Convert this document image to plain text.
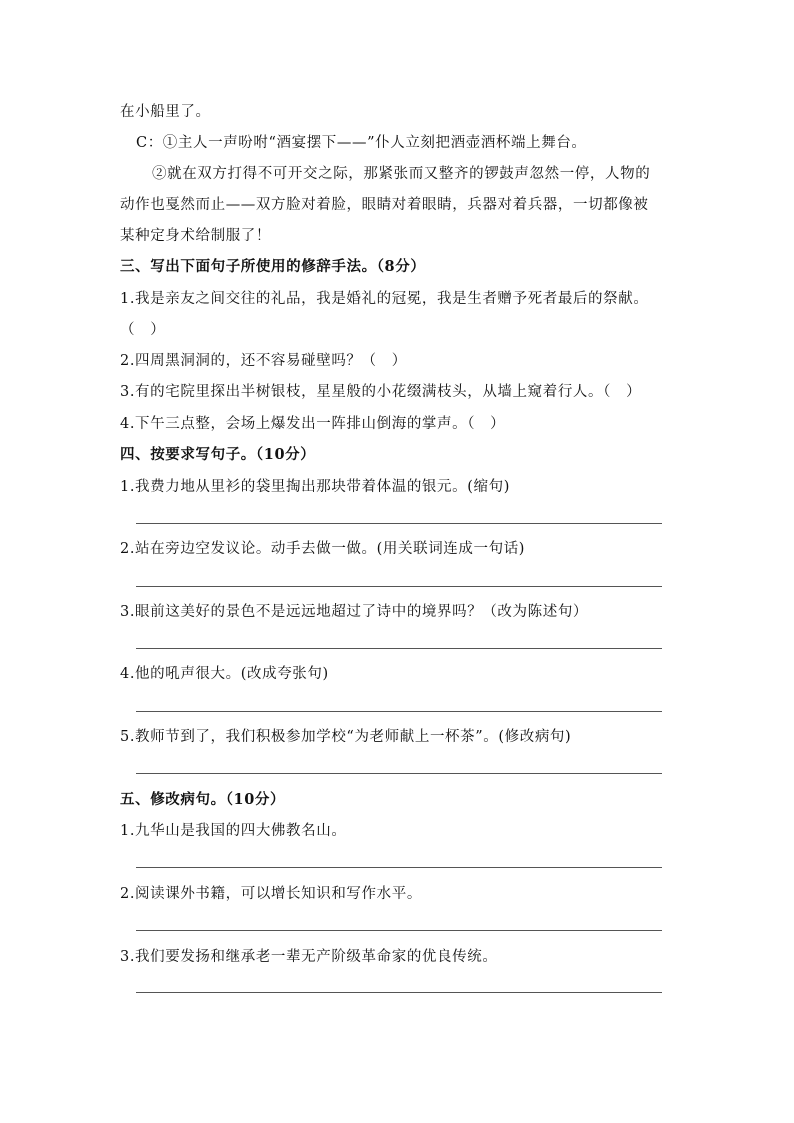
在小船里了。
C：①主人一声吩咐“酒宴摆下——”仆人立刻把酒壶酒杯端上舞台。
②就在双方打得不可开交之际，那紧张而又整齐的锣鼓声忽然一停，人物的
动作也戛然而止——双方脸对着脸，眼睛对着眼睛，兵器对着兵器，一切都像被
某种定身术给制服了！
三、写出下面句子所使用的修辞手法。（8分）
1.我是亲友之间交往的礼品，我是婚礼的冠冕，我是生者赠予死者最后的祭献。
（　）
2.四周黑洞洞的，还不容易碰壁吗？（　）
3.有的宅院里探出半树银枝，星星般的小花缀满枝头，从墙上窥着行人。（　）
4.下午三点整，会场上爆发出一阵排山倒海的掌声。（　）
四、按要求写句子。（10分）
1.我费力地从里衫的袋里掏出那块带着体温的银元。(缩句)
2.站在旁边空发议论。动手去做一做。(用关联词连成一句话)
3.眼前这美好的景色不是远远地超过了诗中的境界吗？（改为陈述句）
4.他的吼声很大。(改成夸张句)
5.教师节到了，我们积极参加学校“为老师献上一杯茶”。(修改病句)
五、修改病句。（10分）
1.九华山是我国的四大佛教名山。
2.阅读课外书籍，可以增长知识和写作水平。
3.我们要发扬和继承老一辈无产阶级革命家的优良传统。
